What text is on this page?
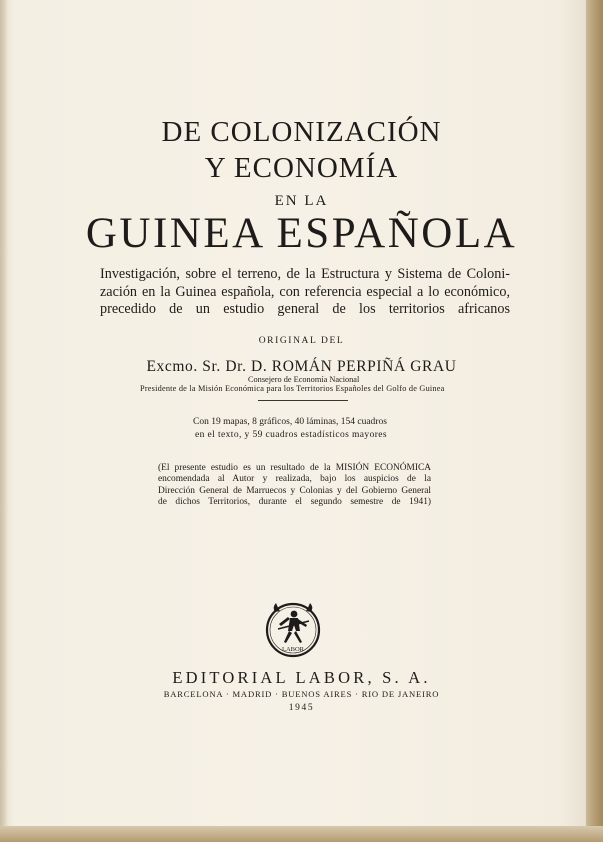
DE COLONIZACIÓN
Y ECONOMÍA
EN LA
GUINEA ESPAÑOLA
Investigación, sobre el terreno, de la Estructura y Sistema de Coloni-
zación en la Guinea española, con referencia especial a lo económico,
precedido de un estudio general de los territorios africanos
ORIGINAL DEL
Excmo. Sr. Dr. D. ROMÁN PERPIÑÁ GRAU
Consejero de Economía Nacional
Presidente de la Misión Económica para los Territorios Españoles del Golfo de Guinea
Con 19 mapas, 8 gráficos, 40 láminas, 154 cuadros
en el texto, y 59 cuadros estadísticos mayores
(El presente estudio es un resultado de la MISIÓN ECONÓMICA
encomendada al Autor y realizada, bajo los auspicios de la
Dirección General de Marruecos y Colonias y del Gobierno General
de dichos Territorios, durante el segundo semestre de 1941)
LABOR
EDITORIAL LABOR, S. A.
BARCELONA · MADRID · BUENOS AIRES · RIO DE JANEIRO
1945
